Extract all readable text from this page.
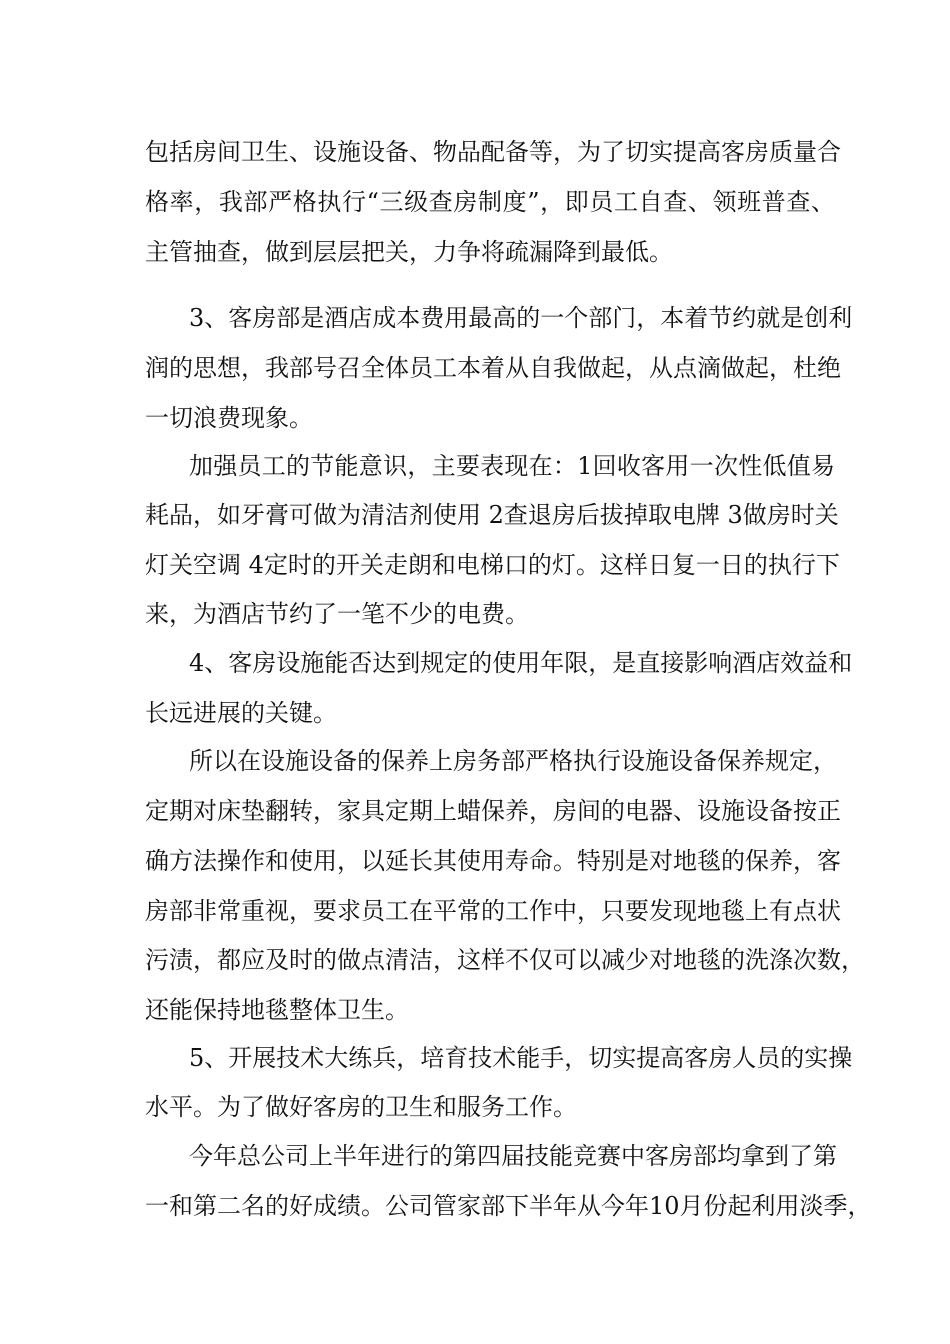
包括房间卫生、设施设备、物品配备等，为了切实提高客房质量合
格率，我部严格执行“三级查房制度”，即员工自查、领班普查、
主管抽查，做到层层把关，力争将疏漏降到最低。
3、客房部是酒店成本费用最高的一个部门，本着节约就是创利
润的思想，我部号召全体员工本着从自我做起，从点滴做起，杜绝
一切浪费现象。
加强员工的节能意识，主要表现在：1回收客用一次性低值易
耗品，如牙膏可做为清洁剂使用 2查退房后拔掉取电牌 3做房时关
灯关空调 4定时的开关走朗和电梯口的灯。这样日复一日的执行下
来，为酒店节约了一笔不少的电费。
4、客房设施能否达到规定的使用年限，是直接影响酒店效益和
长远进展的关键。
所以在设施设备的保养上房务部严格执行设施设备保养规定，
定期对床垫翻转，家具定期上蜡保养，房间的电器、设施设备按正
确方法操作和使用，以延长其使用寿命。特别是对地毯的保养，客
房部非常重视，要求员工在平常的工作中，只要发现地毯上有点状
污渍，都应及时的做点清洁，这样不仅可以减少对地毯的洗涤次数，
还能保持地毯整体卫生。
5、开展技术大练兵，培育技术能手，切实提高客房人员的实操
水平。为了做好客房的卫生和服务工作。
今年总公司上半年进行的第四届技能竞赛中客房部均拿到了第
一和第二名的好成绩。公司管家部下半年从今年10月份起利用淡季，
